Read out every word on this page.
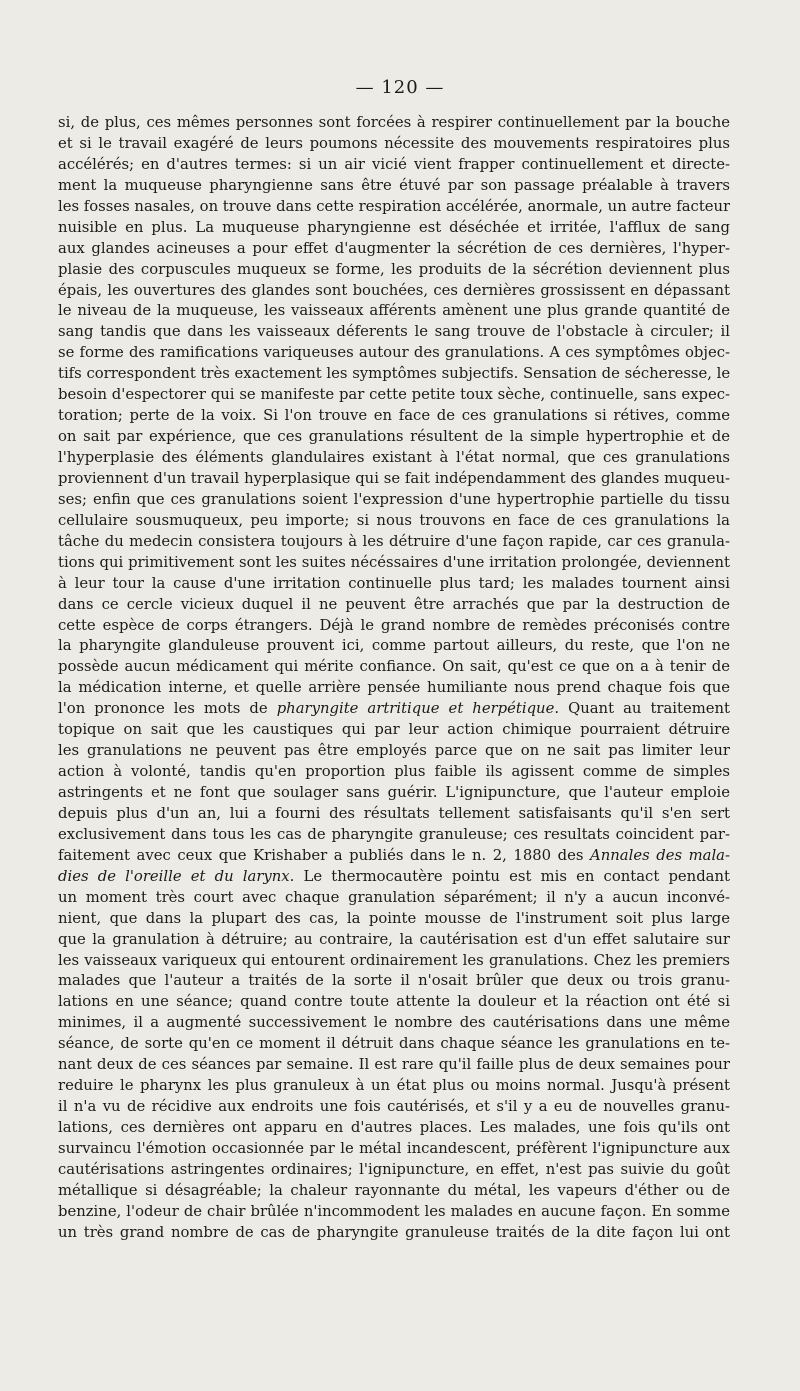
— 120 —
si, de plus, ces mêmes personnes sont forcées à respirer continuellement par la bouche
et si le travail exagéré de leurs poumons nécessite des mouvements respiratoires plus
accélérés; en d'autres termes: si un air vicié vient frapper continuellement et directe-
ment la muqueuse pharyngienne sans être étuvé par son passage préalable à travers
les fosses nasales, on trouve dans cette respiration accélérée, anormale, un autre facteur
nuisible en plus. La muqueuse pharyngienne est déséchée et irritée, l'afflux de sang
aux glandes acineuses a pour effet d'augmenter la sécrétion de ces dernières, l'hyper-
plasie des corpuscules muqueux se forme, les produits de la sécrétion deviennent plus
épais, les ouvertures des glandes sont bouchées, ces dernières grossissent en dépassant
le niveau de la muqueuse, les vaisseaux afférents amènent une plus grande quantité de
sang tandis que dans les vaisseaux déferents le sang trouve de l'obstacle à circuler; il
se forme des ramifications variqueuses autour des granulations. A ces symptômes objec-
tifs correspondent très exactement les symptômes subjectifs. Sensation de sécheresse, le
besoin d'espectorer qui se manifeste par cette petite toux sèche, continuelle, sans expec-
toration; perte de la voix. Si l'on trouve en face de ces granulations si rétives, comme
on sait par expérience, que ces granulations résultent de la simple hypertrophie et de
l'hyperplasie des éléments glandulaires existant à l'état normal, que ces granulations
proviennent d'un travail hyperplasique qui se fait indépendamment des glandes muqueu-
ses; enfin que ces granulations soient l'expression d'une hypertrophie partielle du tissu
cellulaire sousmuqueux, peu importe; si nous trouvons en face de ces granulations la
tâche du medecin consistera toujours à les détruire d'une façon rapide, car ces granula-
tions qui primitivement sont les suites nécéssaires d'une irritation prolongée, deviennent
à leur tour la cause d'une irritation continuelle plus tard; les malades tournent ainsi
dans ce cercle vicieux duquel il ne peuvent être arrachés que par la destruction de
cette espèce de corps étrangers. Déjà le grand nombre de remèdes préconisés contre
la pharyngite glanduleuse prouvent ici, comme partout ailleurs, du reste, que l'on ne
possède aucun médicament qui mérite confiance. On sait, qu'est ce que on a à tenir de
la médication interne, et quelle arrière pensée humiliante nous prend chaque fois que
l'on prononce les mots de pharyngite artritique et herpétique. Quant au traitement
topique on sait que les caustiques qui par leur action chimique pourraient détruire
les granulations ne peuvent pas être employés parce que on ne sait pas limiter leur
action à volonté, tandis qu'en proportion plus faible ils agissent comme de simples
astringents et ne font que soulager sans guérir. L'ignipuncture, que l'auteur emploie
depuis plus d'un an, lui a fourni des résultats tellement satisfaisants qu'il s'en sert
exclusivement dans tous les cas de pharyngite granuleuse; ces resultats coincident par-
faitement avec ceux que Krishaber a publiés dans le n. 2, 1880 des Annales des mala-
dies de l'oreille et du larynx. Le thermocautère pointu est mis en contact pendant
un moment très court avec chaque granulation séparément; il n'y a aucun inconvé-
nient, que dans la plupart des cas, la pointe mousse de l'instrument soit plus large
que la granulation à détruire; au contraire, la cautérisation est d'un effet salutaire sur
les vaisseaux variqueux qui entourent ordinairement les granulations. Chez les premiers
malades que l'auteur a traités de la sorte il n'osait brûler que deux ou trois granu-
lations en une séance; quand contre toute attente la douleur et la réaction ont été si
minimes, il a augmenté successivement le nombre des cautérisations dans une même
séance, de sorte qu'en ce moment il détruit dans chaque séance les granulations en te-
nant deux de ces séances par semaine. Il est rare qu'il faille plus de deux semaines pour
reduire le pharynx les plus granuleux à un état plus ou moins normal. Jusqu'à présent
il n'a vu de récidive aux endroits une fois cautérisés, et s'il y a eu de nouvelles granu-
lations, ces dernières ont apparu en d'autres places. Les malades, une fois qu'ils ont
survaincu l'émotion occasionnée par le métal incandescent, préfèrent l'ignipuncture aux
cautérisations astringentes ordinaires; l'ignipuncture, en effet, n'est pas suivie du goût
métallique si désagréable; la chaleur rayonnante du métal, les vapeurs d'éther ou de
benzine, l'odeur de chair brûlée n'incommodent les malades en aucune façon. En somme
un très grand nombre de cas de pharyngite granuleuse traités de la dite façon lui ont
